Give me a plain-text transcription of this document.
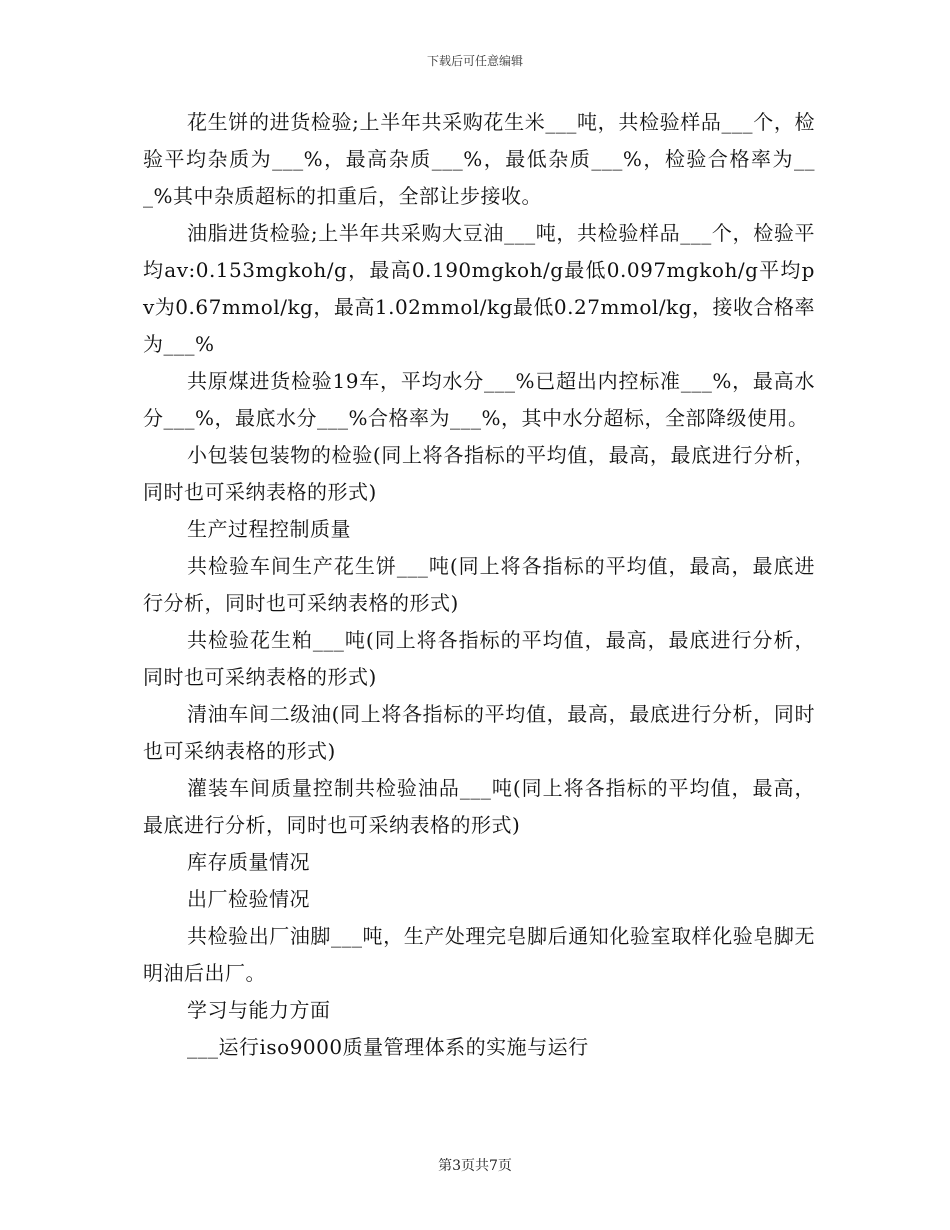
下载后可任意编辑

花生饼的进货检验;上半年共采购花生米___吨，共检验样品___个，检验平均杂质为___%，最高杂质___%，最低杂质___%，检验合格率为___%其中杂质超标的扣重后，全部让步接收。

油脂进货检验;上半年共采购大豆油___吨，共检验样品___个，检验平均av:0.153mgkoh/g，最高0.190mgkoh/g最低0.097mgkoh/g平均pv为0.67mmol/kg，最高1.02mmol/kg最低0.27mmol/kg，接收合格率为___%

共原煤进货检验19车，平均水分___%已超出内控标准___%，最高水分___%，最底水分___%合格率为___%，其中水分超标，全部降级使用。

小包装包装物的检验(同上将各指标的平均值，最高，最底进行分析，同时也可采纳表格的形式)

生产过程控制质量

共检验车间生产花生饼___吨(同上将各指标的平均值，最高，最底进行分析，同时也可采纳表格的形式)

共检验花生粕___吨(同上将各指标的平均值，最高，最底进行分析，同时也可采纳表格的形式)

清油车间二级油(同上将各指标的平均值，最高，最底进行分析，同时也可采纳表格的形式)

灌装车间质量控制共检验油品___吨(同上将各指标的平均值，最高，最底进行分析，同时也可采纳表格的形式)

库存质量情况

出厂检验情况

共检验出厂油脚___吨，生产处理完皂脚后通知化验室取样化验皂脚无明油后出厂。

学习与能力方面

___运行iso9000质量管理体系的实施与运行

第3页共7页
